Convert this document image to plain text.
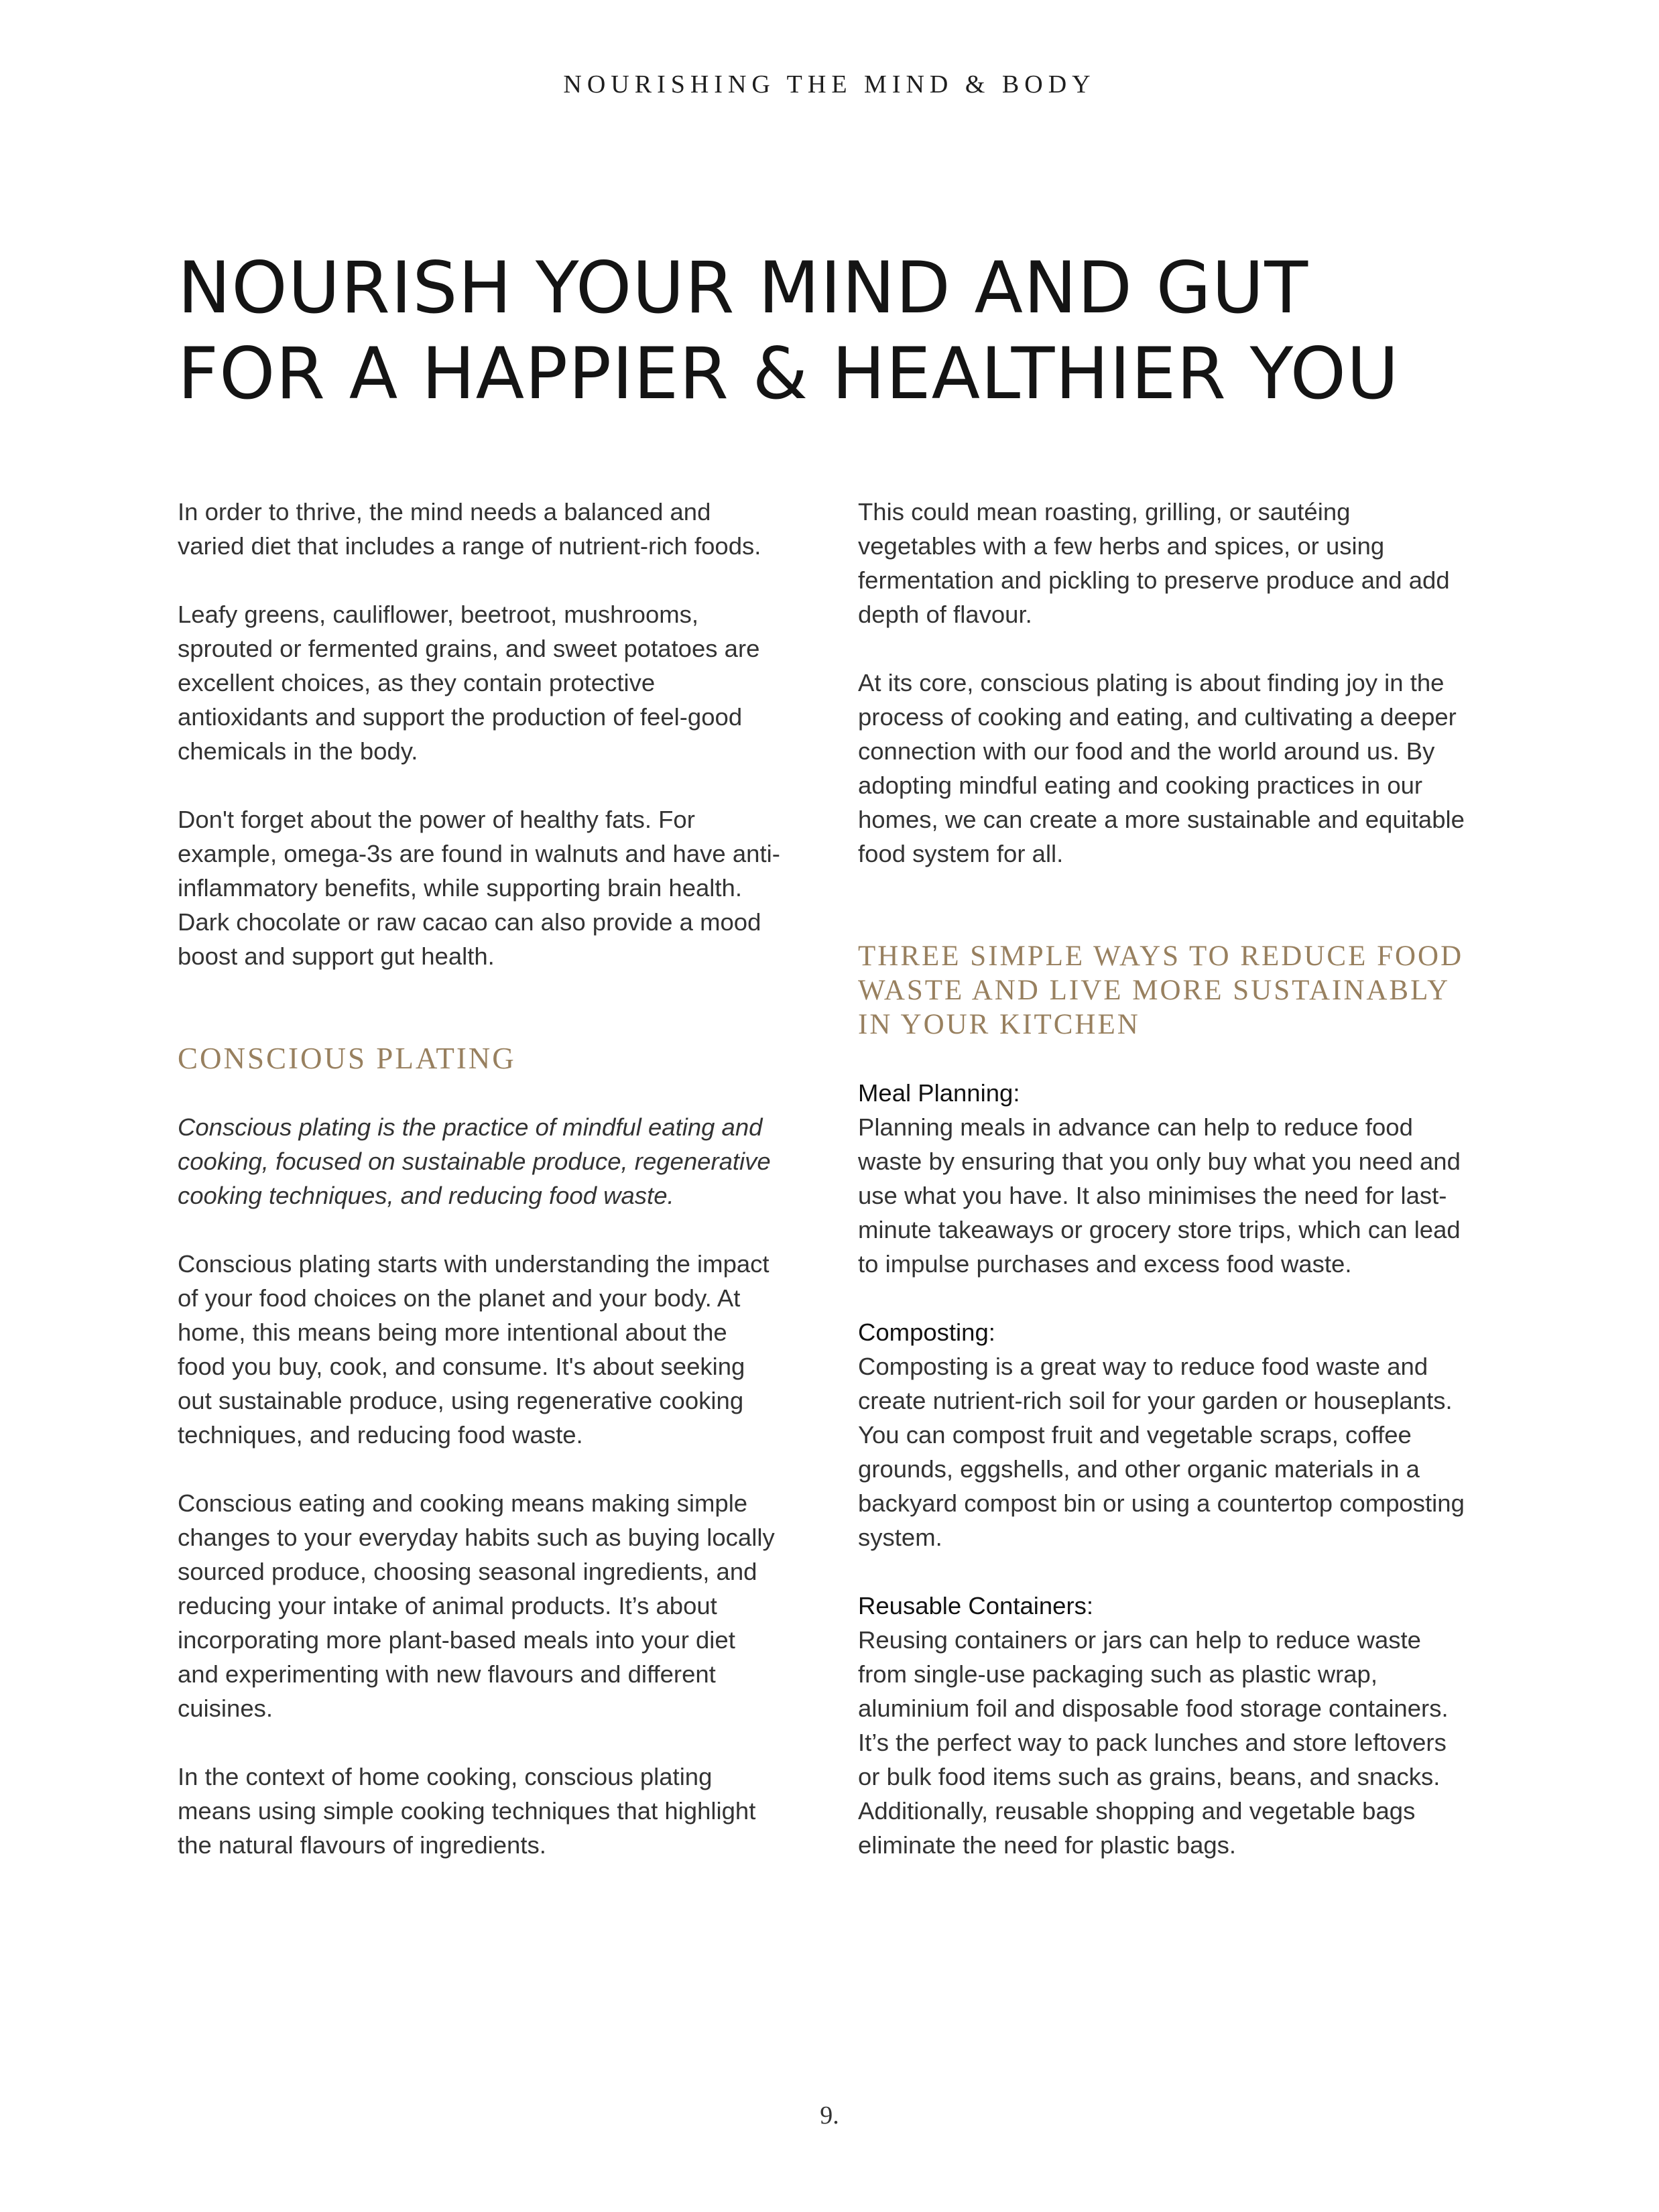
NOURISHING THE MIND & BODY
NOURISH YOUR MIND AND GUT
FOR A HAPPIER & HEALTHIER YOU

In order to thrive, the mind needs a balanced and varied diet that includes a range of nutrient-rich foods.

Leafy greens, cauliflower, beetroot, mushrooms, sprouted or fermented grains, and sweet potatoes are excellent choices, as they contain protective antioxidants and support the production of feel-good chemicals in the body.

Don't forget about the power of healthy fats. For example, omega-3s are found in walnuts and have anti-inflammatory benefits, while supporting brain health. Dark chocolate or raw cacao can also provide a mood boost and support gut health.

CONSCIOUS PLATING

Conscious plating is the practice of mindful eating and cooking, focused on sustainable produce, regenerative cooking techniques, and reducing food waste.

Conscious plating starts with understanding the impact of your food choices on the planet and your body. At home, this means being more intentional about the food you buy, cook, and consume. It's about seeking out sustainable produce, using regenerative cooking techniques, and reducing food waste.

Conscious eating and cooking means making simple changes to your everyday habits such as buying locally sourced produce, choosing seasonal ingredients, and reducing your intake of animal products. It’s about incorporating more plant-based meals into your diet and experimenting with new flavours and different cuisines.

In the context of home cooking, conscious plating means using simple cooking techniques that highlight the natural flavours of ingredients.

This could mean roasting, grilling, or sautéing vegetables with a few herbs and spices, or using fermentation and pickling to preserve produce and add depth of flavour.

At its core, conscious plating is about finding joy in the process of cooking and eating, and cultivating a deeper connection with our food and the world around us. By adopting mindful eating and cooking practices in our homes, we can create a more sustainable and equitable food system for all.

THREE SIMPLE WAYS TO REDUCE FOOD WASTE AND LIVE MORE SUSTAINABLY IN YOUR KITCHEN

Meal Planning:
Planning meals in advance can help to reduce food waste by ensuring that you only buy what you need and use what you have. It also minimises the need for last-minute takeaways or grocery store trips, which can lead to impulse purchases and excess food waste.

Composting:
Composting is a great way to reduce food waste and create nutrient-rich soil for your garden or houseplants. You can compost fruit and vegetable scraps, coffee grounds, eggshells, and other organic materials in a backyard compost bin or using a countertop composting system.

Reusable Containers:
Reusing containers or jars can help to reduce waste from single-use packaging such as plastic wrap, aluminium foil and disposable food storage containers. It’s the perfect way to pack lunches and store leftovers or bulk food items such as grains, beans, and snacks. Additionally, reusable shopping and vegetable bags eliminate the need for plastic bags.

9.
